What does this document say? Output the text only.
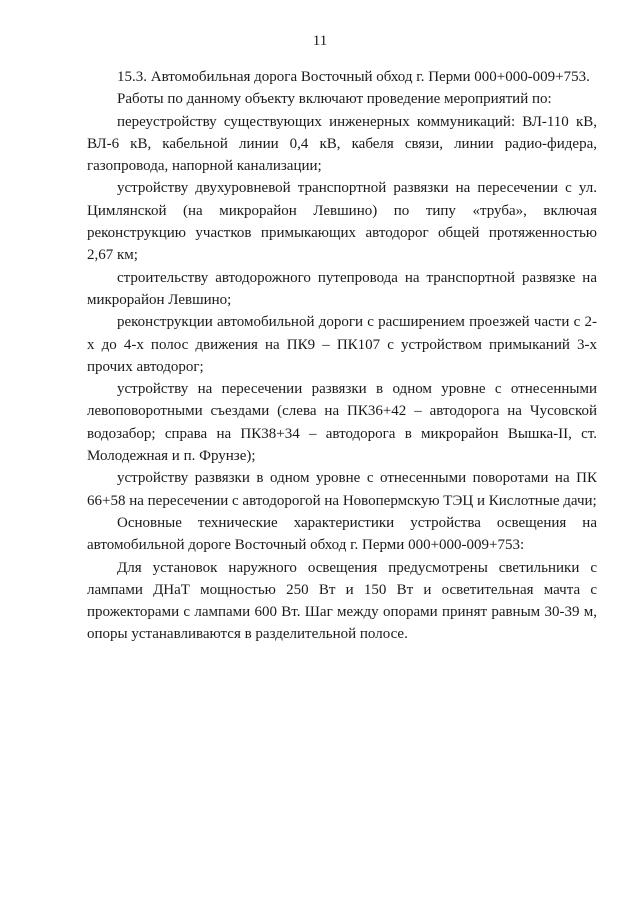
11

15.3. Автомобильная дорога Восточный обход г. Перми 000+000-009+753.

Работы по данному объекту включают проведение мероприятий по:

переустройству существующих инженерных коммуникаций: ВЛ-110 кВ, ВЛ-6 кВ, кабельной линии 0,4 кВ, кабеля связи, линии радио-фидера, газопровода, напорной канализации;

устройству двухуровневой транспортной развязки на пересечении с ул. Цимлянской (на микрорайон Левшино) по типу «труба», включая реконструкцию участков примыкающих автодорог общей протяженностью 2,67 км;

строительству автодорожного путепровода на транспортной развязке на микрорайон Левшино;

реконструкции автомобильной дороги с расширением проезжей части с 2-х до 4-х полос движения на ПК9 – ПК107 с устройством примыканий 3-х прочих автодорог;

устройству на пересечении развязки в одном уровне с отнесенными левоповоротными съездами (слева на ПК36+42 – автодорога на Чусовской водозабор; справа на ПК38+34 – автодорога в микрорайон Вышка-II, ст. Молодежная и п. Фрунзе);

устройству развязки в одном уровне с отнесенными поворотами на ПК 66+58 на пересечении с автодорогой на Новопермскую ТЭЦ и Кислотные дачи;

Основные технические характеристики устройства освещения на автомобильной дороге Восточный обход г. Перми 000+000-009+753:

Для установок наружного освещения предусмотрены светильники с лампами ДНаТ мощностью 250 Вт и 150 Вт и осветительная мачта с прожекторами с лампами 600 Вт. Шаг между опорами принят равным 30-39 м, опоры устанавливаются в разделительной полосе.
